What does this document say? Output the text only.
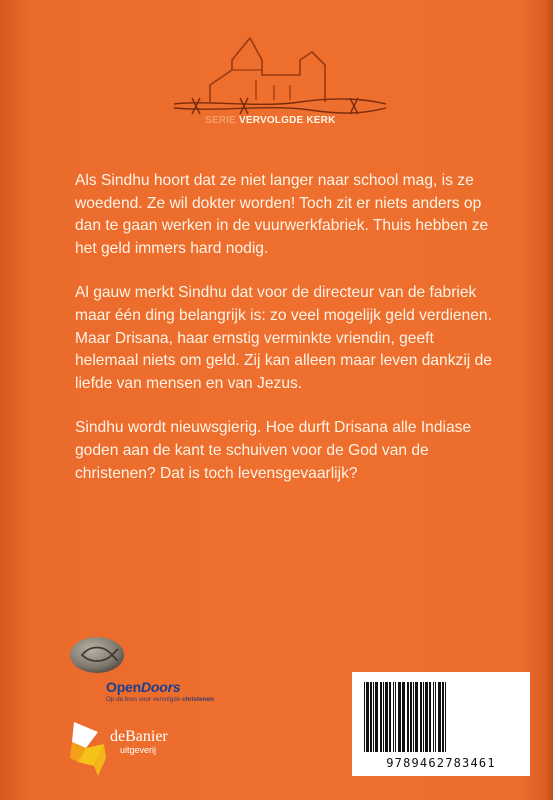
SERIE VERVOLGDE KERK

Als Sindhu hoort dat ze niet langer naar school mag, is ze woedend. Ze wil dokter worden! Toch zit er niets anders op dan te gaan werken in de vuurwerkfabriek. Thuis hebben ze het geld immers hard nodig.

Al gauw merkt Sindhu dat voor de directeur van de fabriek maar één ding belangrijk is: zo veel mogelijk geld verdienen. Maar Drisana, haar ernstig verminkte vriendin, geeft helemaal niets om geld. Zij kan alleen maar leven dankzij de liefde van mensen en van Jezus.

Sindhu wordt nieuwsgierig. Hoe durft Drisana alle Indiase goden aan de kant te schuiven voor de God van de christenen? Dat is toch levensgevaarlijk?

OpenDoors
Op de bres voor vervolgde christenen
deBanier
uitgeverij
9789462783461
